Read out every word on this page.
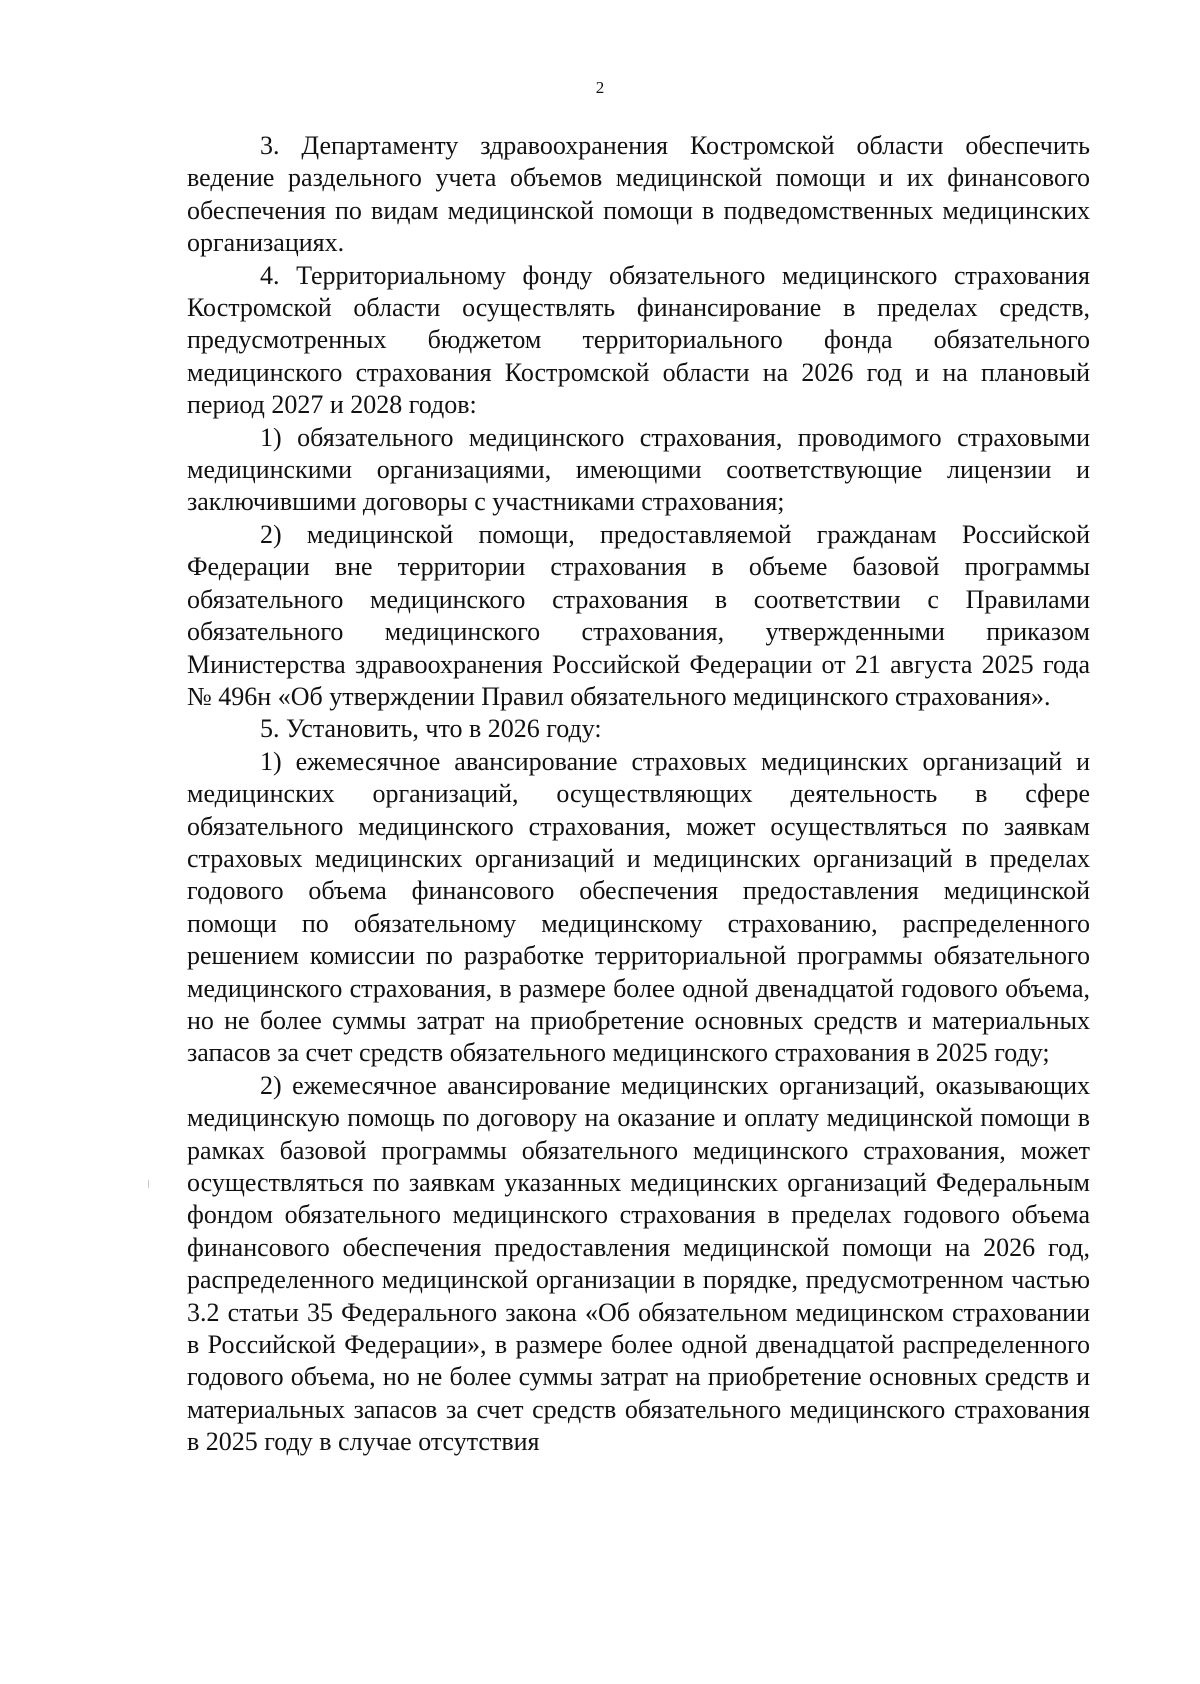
2

3. Департаменту здравоохранения Костромской области обеспечить ведение раздельного учета объемов медицинской помощи и их финансового обеспечения по видам медицинской помощи в подведомственных медицинских организациях.

4. Территориальному фонду обязательного медицинского страхования Костромской области осуществлять финансирование в пределах средств, предусмотренных бюджетом территориального фонда обязательного медицинского страхования Костромской области на 2026 год и на плановый период 2027 и 2028 годов:

1) обязательного медицинского страхования, проводимого страховыми медицинскими организациями, имеющими соответствующие лицензии и заключившими договоры с участниками страхования;

2) медицинской помощи, предоставляемой гражданам Российской Федерации вне территории страхования в объеме базовой программы обязательного медицинского страхования в соответствии с Правилами обязательного медицинского страхования, утвержденными приказом Министерства здравоохранения Российской Федерации от 21 августа 2025 года № 496н «Об утверждении Правил обязательного медицинского страхования».

5. Установить, что в 2026 году:

1) ежемесячное авансирование страховых медицинских организаций и медицинских организаций, осуществляющих деятельность в сфере обязательного медицинского страхования, может осуществляться по заявкам страховых медицинских организаций и медицинских организаций в пределах годового объема финансового обеспечения предоставления медицинской помощи по обязательному медицинскому страхованию, распределенного решением комиссии по разработке территориальной программы обязательного медицинского страхования, в размере более одной двенадцатой годового объема, но не более суммы затрат на приобретение основных средств и материальных запасов за счет средств обязательного медицинского страхования в 2025 году;

2) ежемесячное авансирование медицинских организаций, оказывающих медицинскую помощь по договору на оказание и оплату медицинской помощи в рамках базовой программы обязательного медицинского страхования, может осуществляться по заявкам указанных медицинских организаций Федеральным фондом обязательного медицинского страхования в пределах годового объема финансового обеспечения предоставления медицинской помощи на 2026 год, распределенного медицинской организации в порядке, предусмотренном частью 3.2 статьи 35 Федерального закона «Об обязательном медицинском страховании в Российской Федерации», в размере более одной двенадцатой распределенного годового объема, но не более суммы затрат на приобретение основных средств и материальных запасов за счет средств обязательного медицинского страхования в 2025 году в случае отсутствия
